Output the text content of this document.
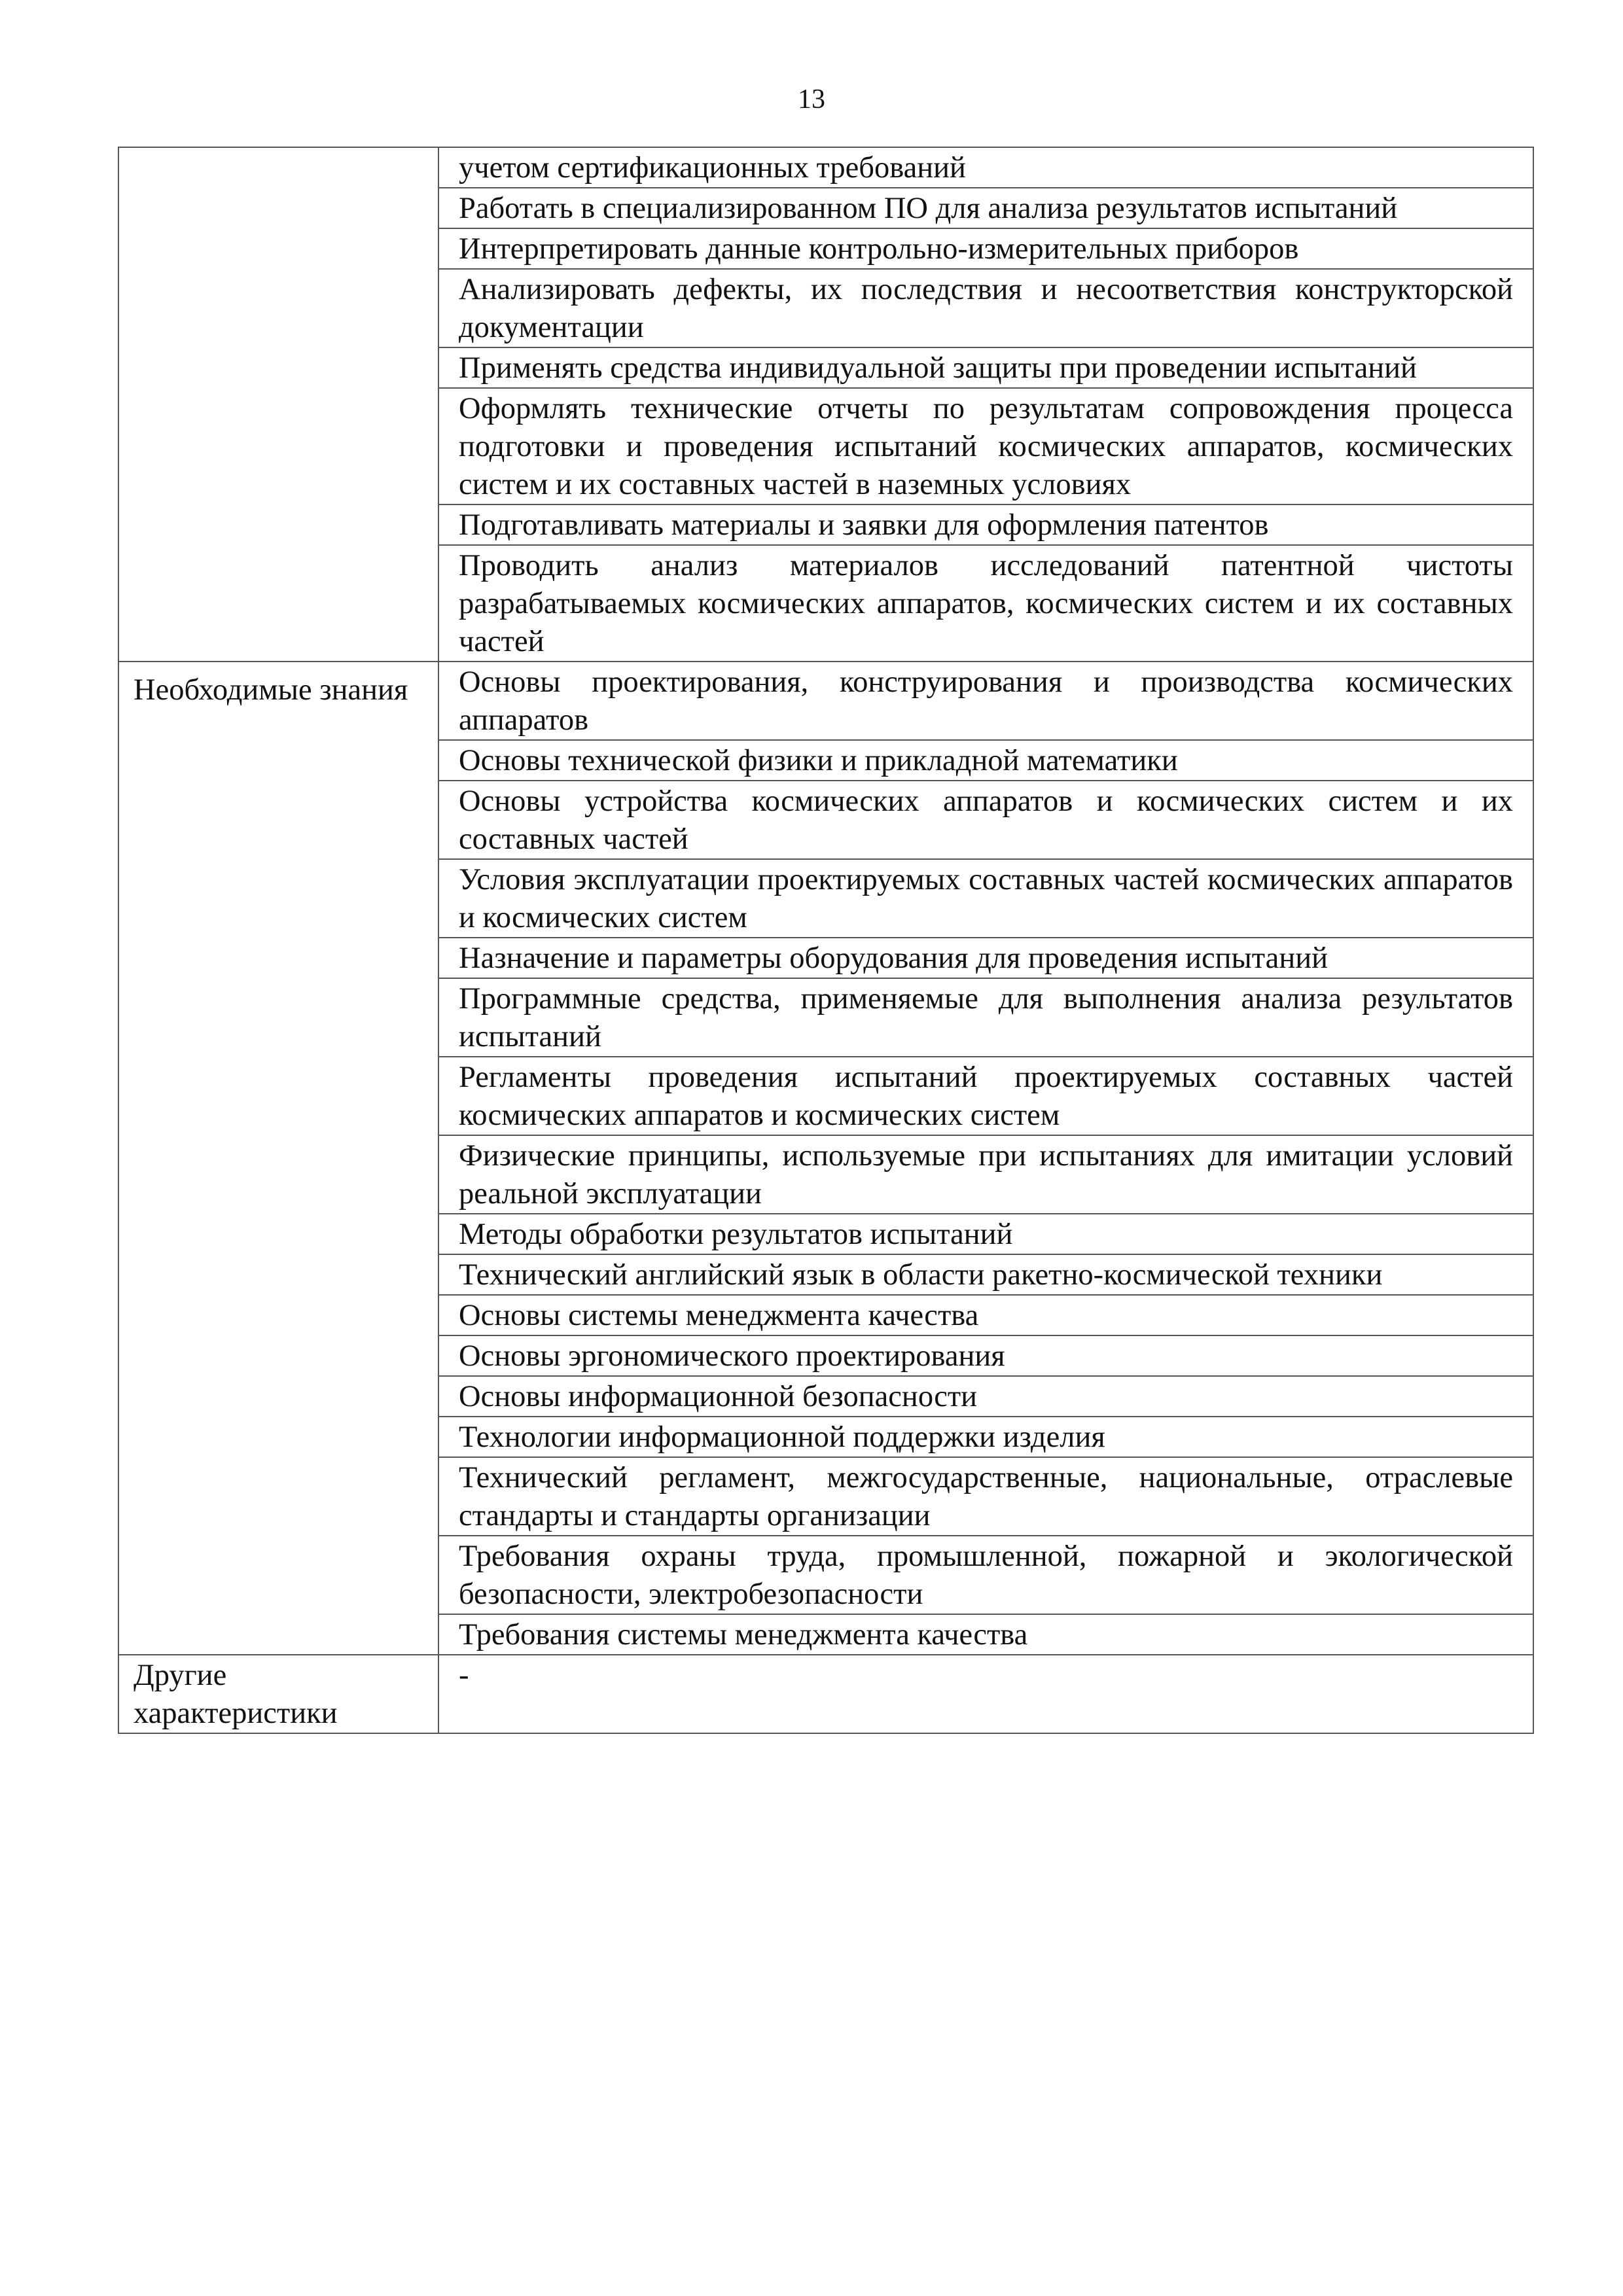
13
	учетом сертификационных требований
	Работать в специализированном ПО для анализа результатов испытаний
	Интерпретировать данные контрольно-измерительных приборов
	Анализировать дефекты, их последствия и несоответствия конструкторской документации
	Применять средства индивидуальной защиты при проведении испытаний
	Оформлять технические отчеты по результатам сопровождения процесса подготовки и проведения испытаний космических аппаратов, космических систем и их составных частей в наземных условиях
	Подготавливать материалы и заявки для оформления патентов
	Проводить анализ материалов исследований патентной чистоты разрабатываемых космических аппаратов, космических систем и их составных частей
Необходимые знания	Основы проектирования, конструирования и производства космических аппаратов
	Основы технической физики и прикладной математики
	Основы устройства космических аппаратов и космических систем и их составных частей
	Условия эксплуатации проектируемых составных частей космических аппаратов и космических систем
	Назначение и параметры оборудования для проведения испытаний
	Программные средства, применяемые для выполнения анализа результатов испытаний
	Регламенты проведения испытаний проектируемых составных частей космических аппаратов и космических систем
	Физические принципы, используемые при испытаниях для имитации условий реальной эксплуатации
	Методы обработки результатов испытаний
	Технический английский язык в области ракетно-космической техники
	Основы системы менеджмента качества
	Основы эргономического проектирования
	Основы информационной безопасности
	Технологии информационной поддержки изделия
	Технический регламент, межгосударственные, национальные, отраслевые стандарты и стандарты организации
	Требования охраны труда, промышленной, пожарной и экологической безопасности, электробезопасности
	Требования системы менеджмента качества
Другие характеристики	-
